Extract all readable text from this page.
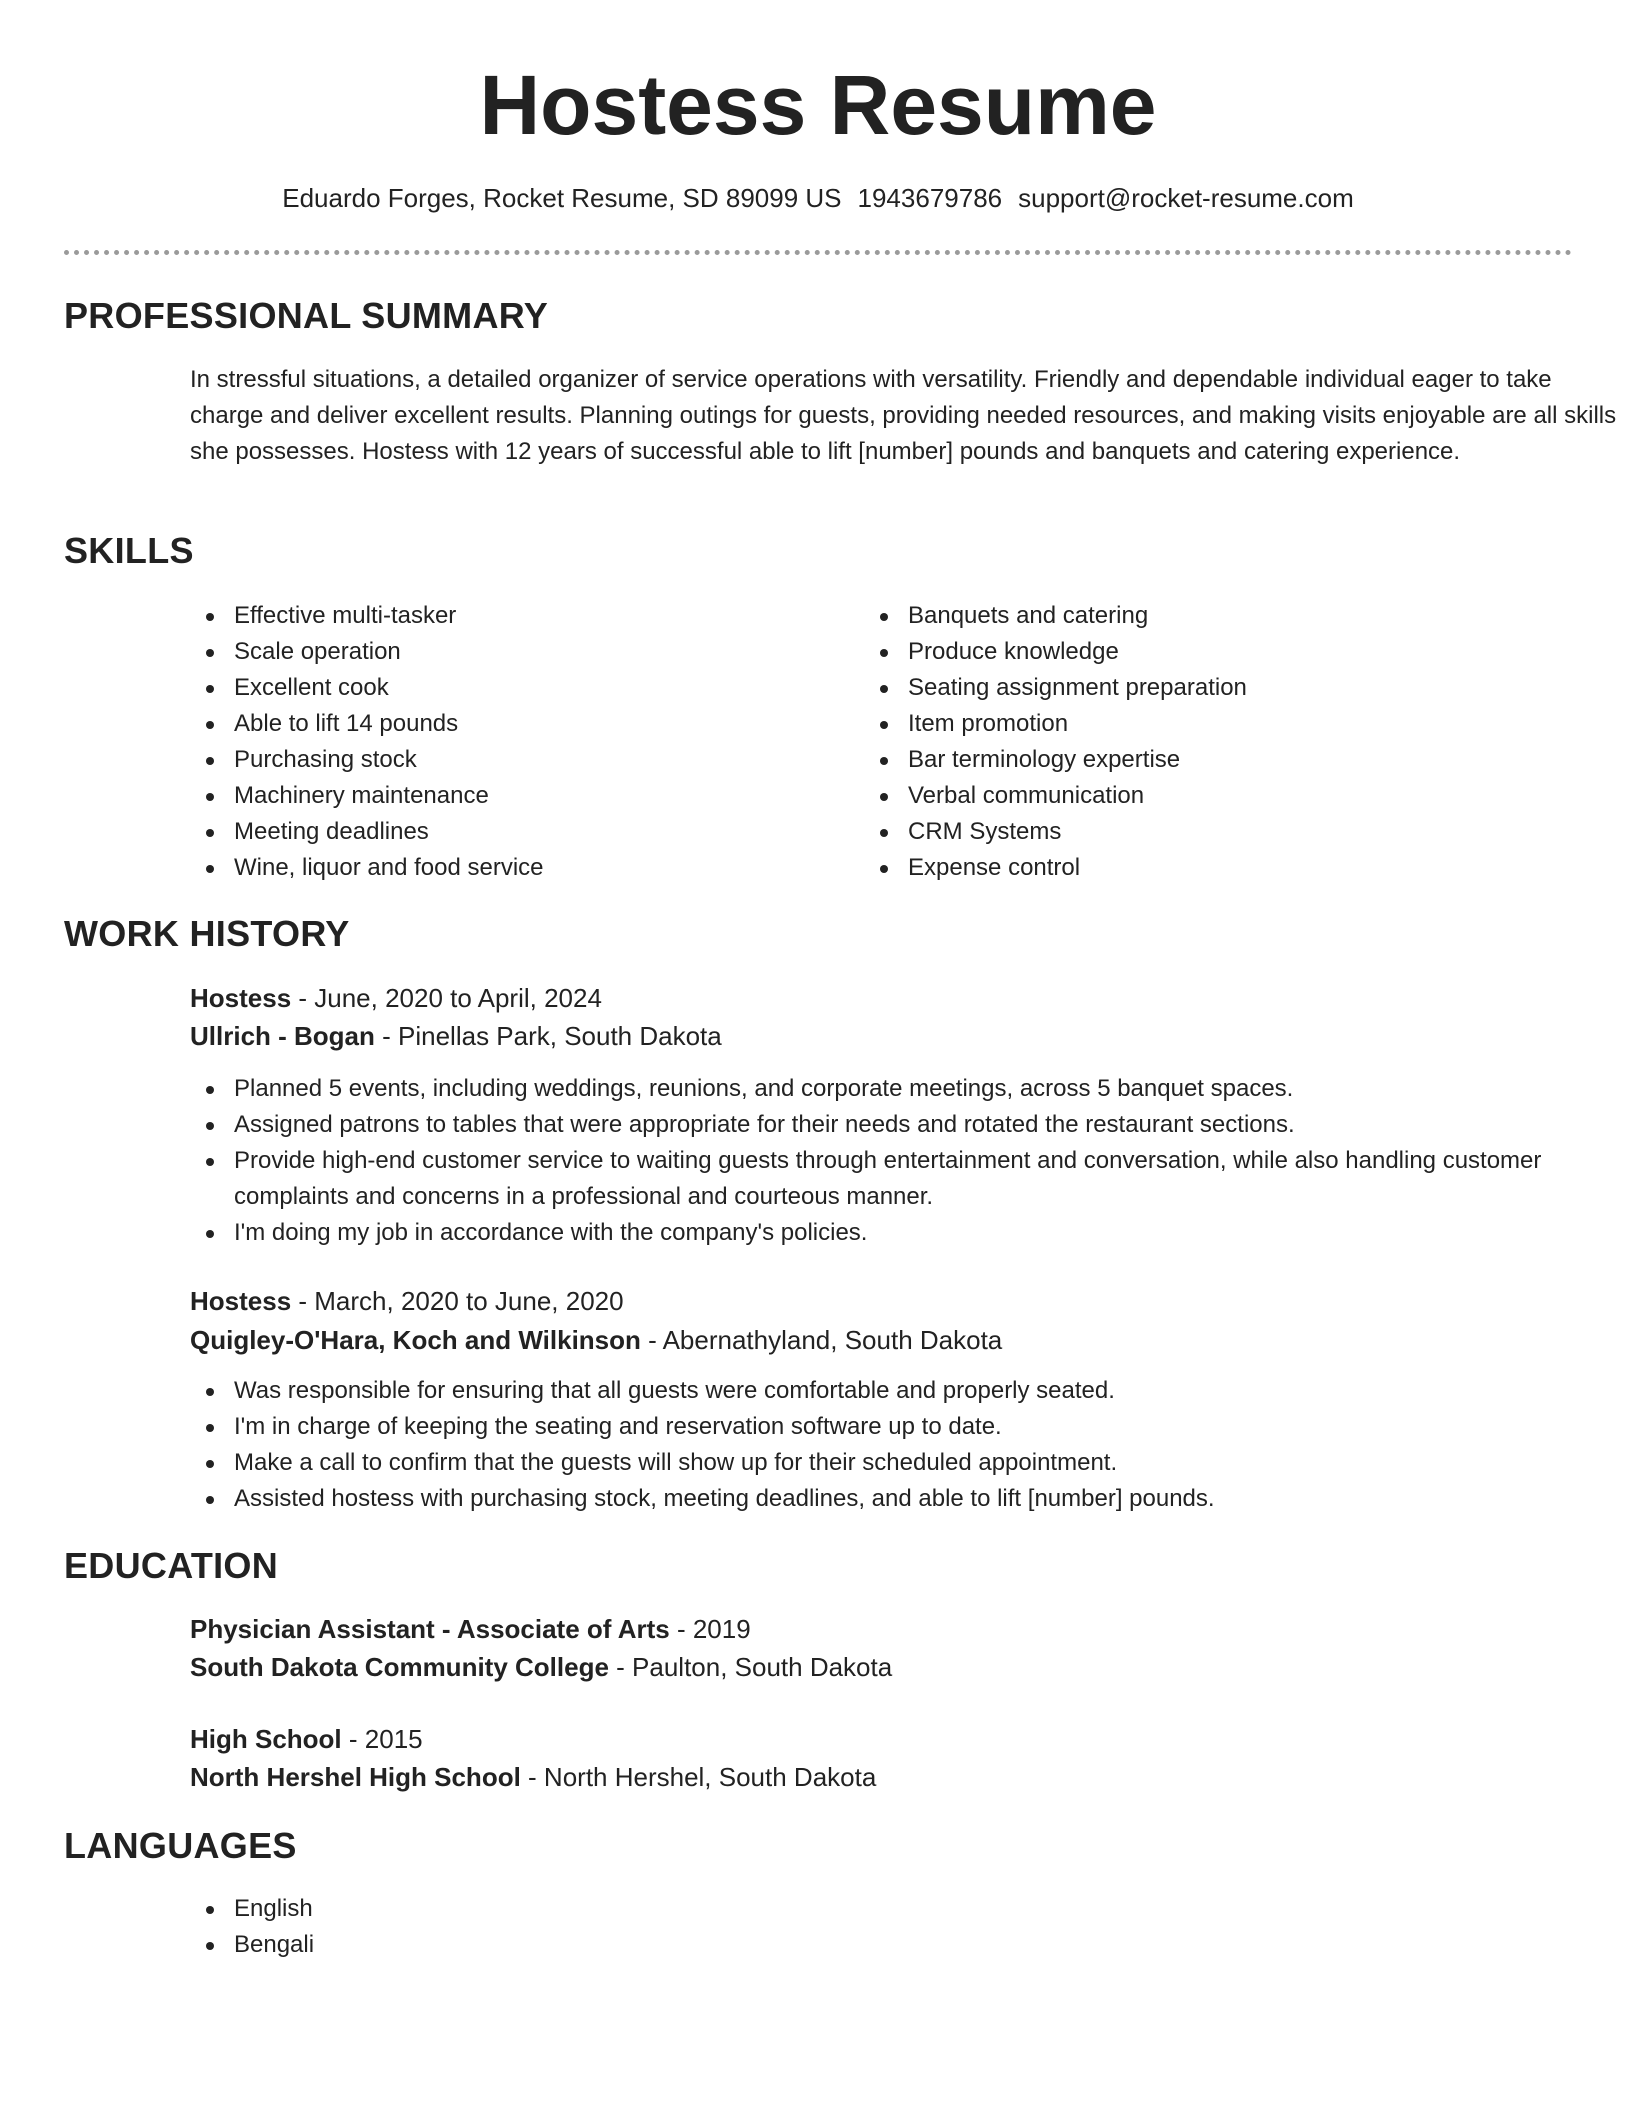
Hostess Resume
Eduardo Forges, Rocket Resume, SD 89099 US 1943679786 support@rocket-resume.com
PROFESSIONAL SUMMARY

In stressful situations, a detailed organizer of service operations with versatility. Friendly and dependable individual eager to take charge and deliver excellent results. Planning outings for guests, providing needed resources, and making visits enjoyable are all skills she possesses. Hostess with 12 years of successful able to lift [number] pounds and banquets and catering experience.

SKILLS
Effective multi-tasker
Scale operation
Excellent cook
Able to lift 14 pounds
Purchasing stock
Machinery maintenance
Meeting deadlines
Wine, liquor and food service
Banquets and catering
Produce knowledge
Seating assignment preparation
Item promotion
Bar terminology expertise
Verbal communication
CRM Systems
Expense control
WORK HISTORY
Hostess - June, 2020 to April, 2024
Ullrich - Bogan - Pinellas Park, South Dakota
Planned 5 events, including weddings, reunions, and corporate meetings, across 5 banquet spaces.
Assigned patrons to tables that were appropriate for their needs and rotated the restaurant sections.
Provide high-end customer service to waiting guests through entertainment and conversation, while also handling customer complaints and concerns in a professional and courteous manner.
I'm doing my job in accordance with the company's policies.
Hostess - March, 2020 to June, 2020
Quigley-O'Hara, Koch and Wilkinson - Abernathyland, South Dakota
Was responsible for ensuring that all guests were comfortable and properly seated.
I'm in charge of keeping the seating and reservation software up to date.
Make a call to confirm that the guests will show up for their scheduled appointment.
Assisted hostess with purchasing stock, meeting deadlines, and able to lift [number] pounds.
EDUCATION
Physician Assistant - Associate of Arts - 2019
South Dakota Community College - Paulton, South Dakota
High School - 2015
North Hershel High School - North Hershel, South Dakota
LANGUAGES
English
Bengali
